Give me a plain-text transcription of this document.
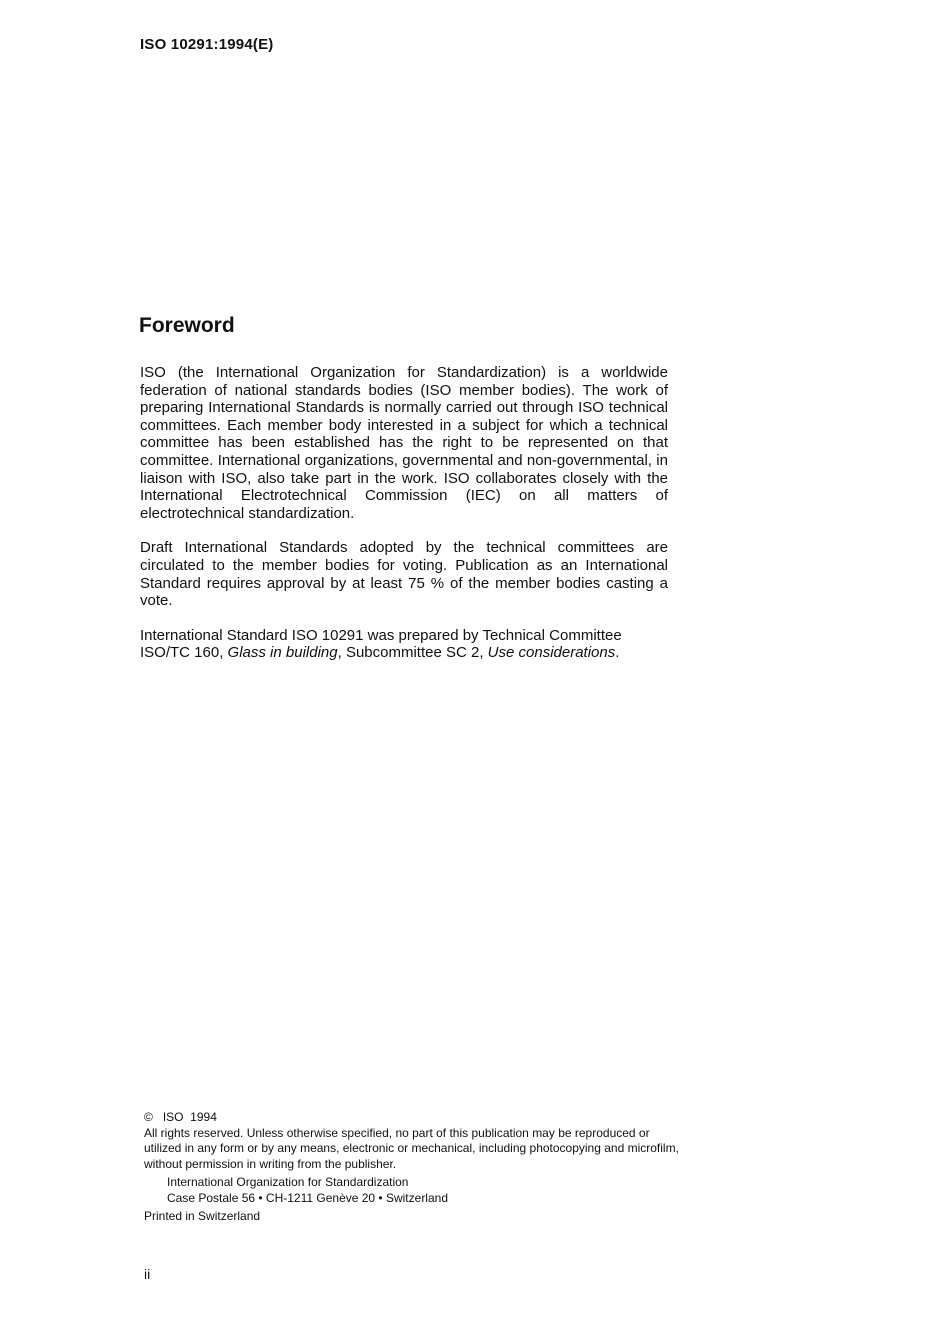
ISO 10291:1994(E)
Foreword

ISO (the International Organization for Standardization) is a worldwide federation of national standards bodies (ISO member bodies). The work of preparing International Standards is normally carried out through ISO technical committees. Each member body interested in a subject for which a technical committee has been established has the right to be represented on that committee. International organizations, governmental and non-governmental, in liaison with ISO, also take part in the work. ISO collaborates closely with the International Electrotechnical Commission (IEC) on all matters of electrotechnical standardization.

Draft International Standards adopted by the technical committees are circulated to the member bodies for voting. Publication as an International Standard requires approval by at least 75 % of the member bodies casting a vote.

International Standard ISO 10291 was prepared by Technical Committee ISO/TC 160, Glass in building, Subcommittee SC 2, Use considerations.

© ISO  1994
All rights reserved. Unless otherwise specified, no part of this publication may be reproduced or utilized in any form or by any means, electronic or mechanical, including photocopying and microfilm, without permission in writing from the publisher.
International Organization for Standardization
Case Postale 56 • CH-1211 Genève 20 • Switzerland
Printed in Switzerland
ii
